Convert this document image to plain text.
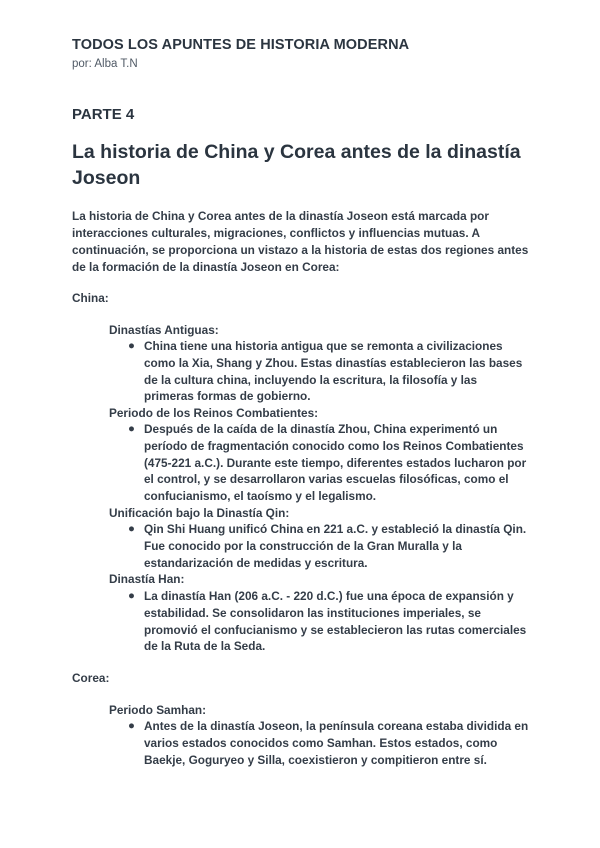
TODOS LOS APUNTES DE HISTORIA MODERNA
por: Alba T.N
PARTE 4
La historia de China y Corea antes de la dinastía Joseon
La historia de China y Corea antes de la dinastía Joseon está marcada por interacciones culturales, migraciones, conflictos y influencias mutuas. A continuación, se proporciona un vistazo a la historia de estas dos regiones antes de la formación de la dinastía Joseon en Corea:
China:
Dinastías Antiguas:
● China tiene una historia antigua que se remonta a civilizaciones como la Xia, Shang y Zhou. Estas dinastías establecieron las bases de la cultura china, incluyendo la escritura, la filosofía y las primeras formas de gobierno.
Periodo de los Reinos Combatientes:
● Después de la caída de la dinastía Zhou, China experimentó un período de fragmentación conocido como los Reinos Combatientes (475-221 a.C.). Durante este tiempo, diferentes estados lucharon por el control, y se desarrollaron varias escuelas filosóficas, como el confucianismo, el taoísmo y el legalismo.
Unificación bajo la Dinastía Qin:
● Qin Shi Huang unificó China en 221 a.C. y estableció la dinastía Qin. Fue conocido por la construcción de la Gran Muralla y la estandarización de medidas y escritura.
Dinastía Han:
● La dinastía Han (206 a.C. - 220 d.C.) fue una época de expansión y estabilidad. Se consolidaron las instituciones imperiales, se promovió el confucianismo y se establecieron las rutas comerciales de la Ruta de la Seda.
Corea:
Periodo Samhan:
● Antes de la dinastía Joseon, la península coreana estaba dividida en varios estados conocidos como Samhan. Estos estados, como Baekje, Goguryeo y Silla, coexistieron y compitieron entre sí.
